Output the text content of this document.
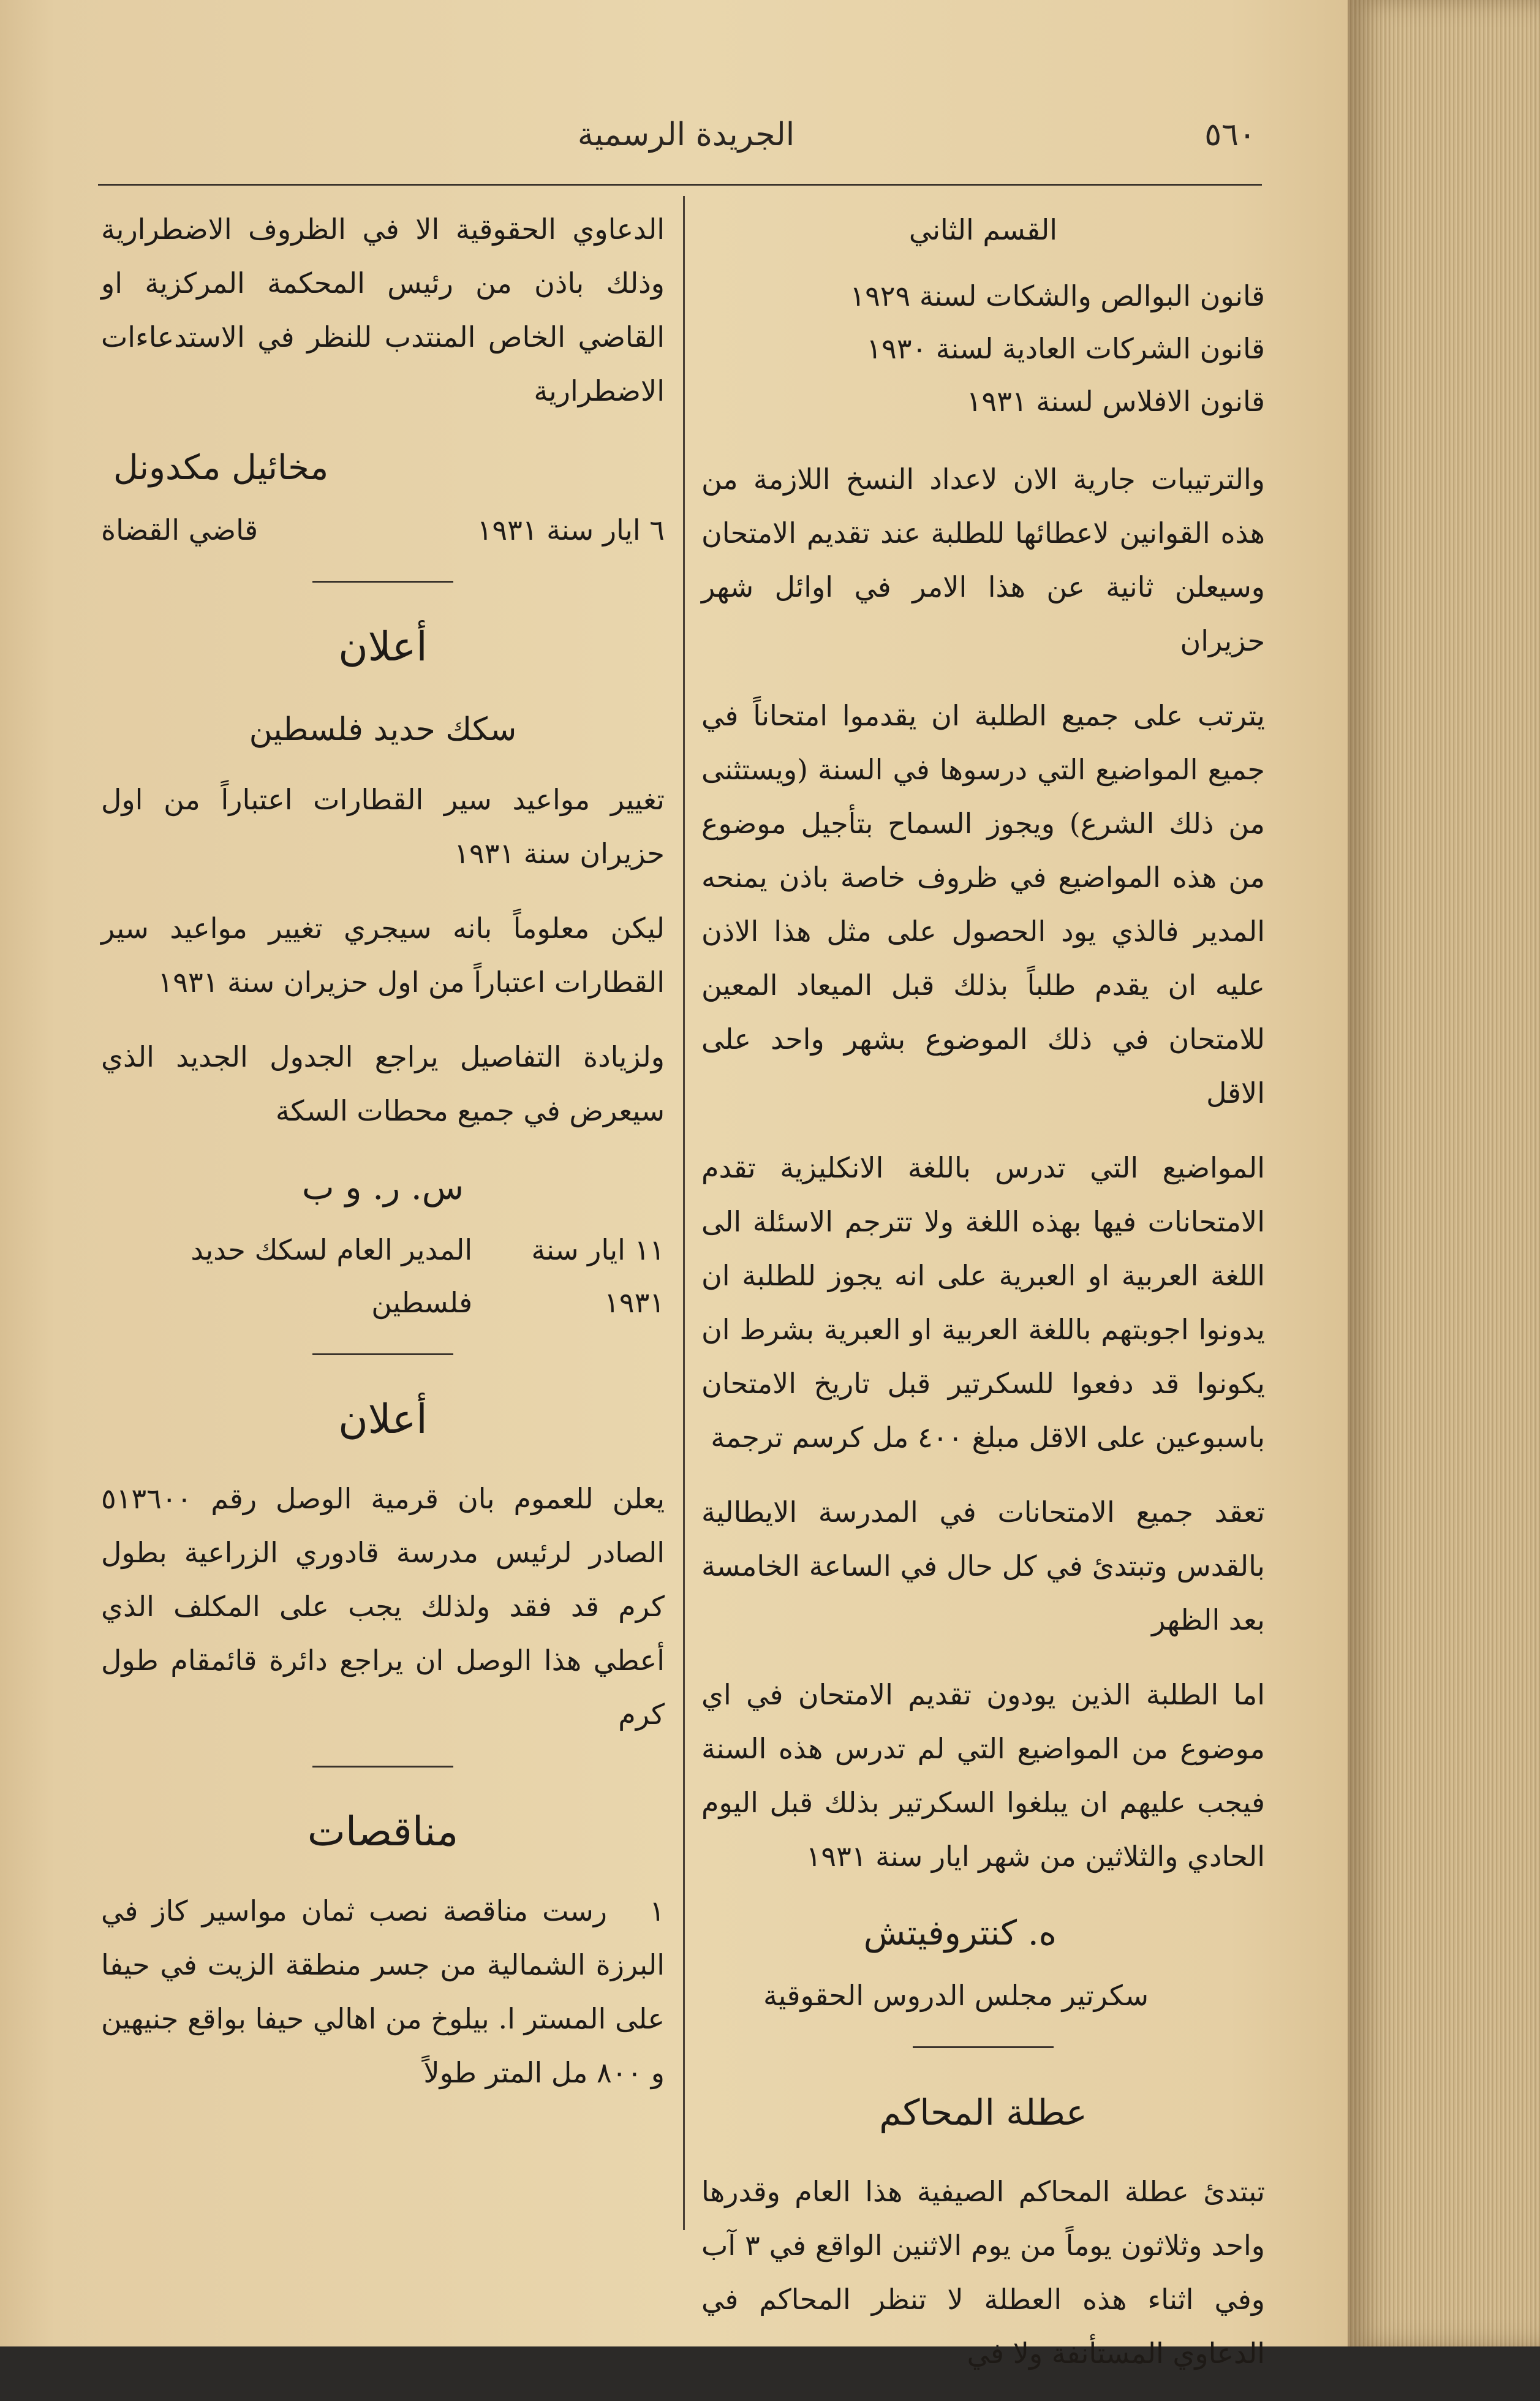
الجريدة الرسمية	٥٦٠
القسم الثاني
قانون البوالص والشكات لسنة ١٩٢٩
قانون الشركات العادية لسنة ١٩٣٠
قانون الافلاس لسنة ١٩٣١

والترتيبات جارية الان لاعداد النسخ اللازمة من هذه القوانين لاعطائها للطلبة عند تقديم الامتحان وسيعلن ثانية عن هذا الامر في اوائل شهر حزيران

يترتب على جميع الطلبة ان يقدموا امتحاناً في جميع المواضيع التي درسوها في السنة (ويستثنى من ذلك الشرع) ويجوز السماح بتأجيل موضوع من هذه المواضيع في ظروف خاصة باذن يمنحه المدير فالذي يود الحصول على مثل هذا الاذن عليه ان يقدم طلباً بذلك قبل الميعاد المعين للامتحان في ذلك الموضوع بشهر واحد على الاقل

المواضيع التي تدرس باللغة الانكليزية تقدم الامتحانات فيها بهذه اللغة ولا تترجم الاسئلة الى اللغة العربية او العبرية على انه يجوز للطلبة ان يدونوا اجوبتهم باللغة العربية او العبرية بشرط ان يكونوا قد دفعوا للسكرتير قبل تاريخ الامتحان باسبوعين على الاقل مبلغ ٤٠٠ مل كرسم ترجمة

تعقد جميع الامتحانات في المدرسة الايطالية بالقدس وتبتدئ في كل حال في الساعة الخامسة بعد الظهر

اما الطلبة الذين يودون تقديم الامتحان في اي موضوع من المواضيع التي لم تدرس هذه السنة فيجب عليهم ان يبلغوا السكرتير بذلك قبل اليوم الحادي والثلاثين من شهر ايار سنة ١٩٣١

ه. كنتروفيتش
سكرتير مجلس الدروس الحقوقية
عطلة المحاكم

تبتدئ عطلة المحاكم الصيفية هذا العام وقدرها واحد وثلاثون يوماً من يوم الاثنين الواقع في ٣ آب وفي اثناء هذه العطلة لا تنظر المحاكم في الدعاوي المستأنفة ولا في

الدعاوي الحقوقية الا في الظروف الاضطرارية وذلك باذن من رئيس المحكمة المركزية او القاضي الخاص المنتدب للنظر في الاستدعاءات الاضطرارية

مخائيل مكدونل
٦ ايار سنة ١٩٣١
قاضي القضاة
أعلان
سكك حديد فلسطين

تغيير مواعيد سير القطارات اعتباراً من اول حزيران سنة ١٩٣١

ليكن معلوماً بانه سيجري تغيير مواعيد سير القطارات اعتباراً من اول حزيران سنة ١٩٣١

ولزيادة التفاصيل يراجع الجدول الجديد الذي سيعرض في جميع محطات السكة

س. ر. و ب
١١ ايار سنة ١٩٣١
المدير العام لسكك حديد فلسطين
أعلان

يعلن للعموم بان قرمية الوصل رقم ٥١٣٦٠٠ الصادر لرئيس مدرسة قادوري الزراعية بطول كرم قد فقد ولذلك يجب على المكلف الذي أعطي هذا الوصل ان يراجع دائرة قائمقام طول كرم

مناقصات

١   رست مناقصة نصب ثمان مواسير كاز في البرزة الشمالية من جسر منطقة الزيت في حيفا على المستر ا. بيلوخ من اهالي حيفا بواقع جنيهين و ٨٠٠ مل المتر طولاً
